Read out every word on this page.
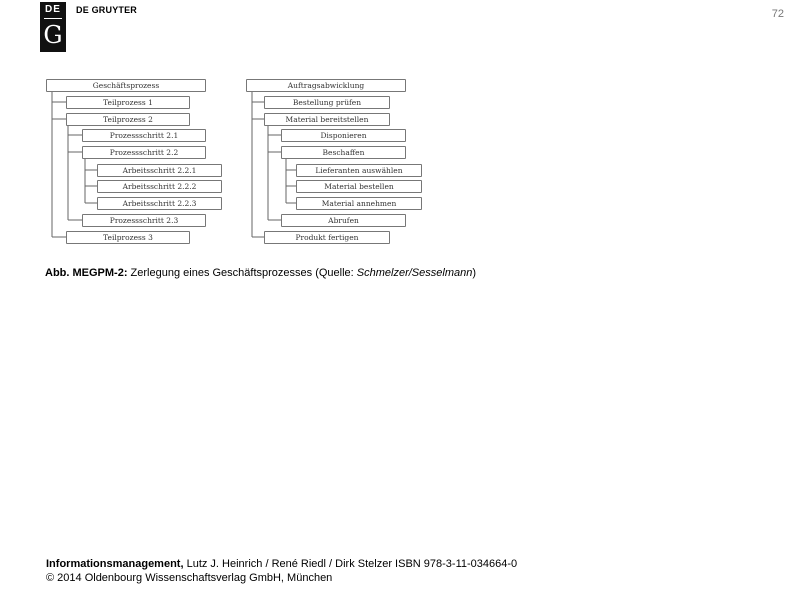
DE
G
DE GRUYTER	72
Geschäftsprozess
Teilprozess 1
Teilprozess 2
Prozessschritt 2.1
Prozessschritt 2.2
Arbeitsschritt 2.2.1
Arbeitsschritt 2.2.2
Arbeitsschritt 2.2.3
Prozessschritt 2.3
Teilprozess 3
Auftragsabwicklung
Bestellung prüfen
Material bereitstellen
Disponieren
Beschaffen
Lieferanten auswählen
Material bestellen
Material annehmen
Abrufen
Produkt fertigen
Abb. MEGPM-2: Zerlegung eines Geschäftsprozesses (Quelle: Schmelzer/Sesselmann)
Informationsmanagement, Lutz J. Heinrich / René Riedl / Dirk Stelzer ISBN 978-3-11-034664-0
© 2014 Oldenbourg Wissenschaftsverlag GmbH, München
